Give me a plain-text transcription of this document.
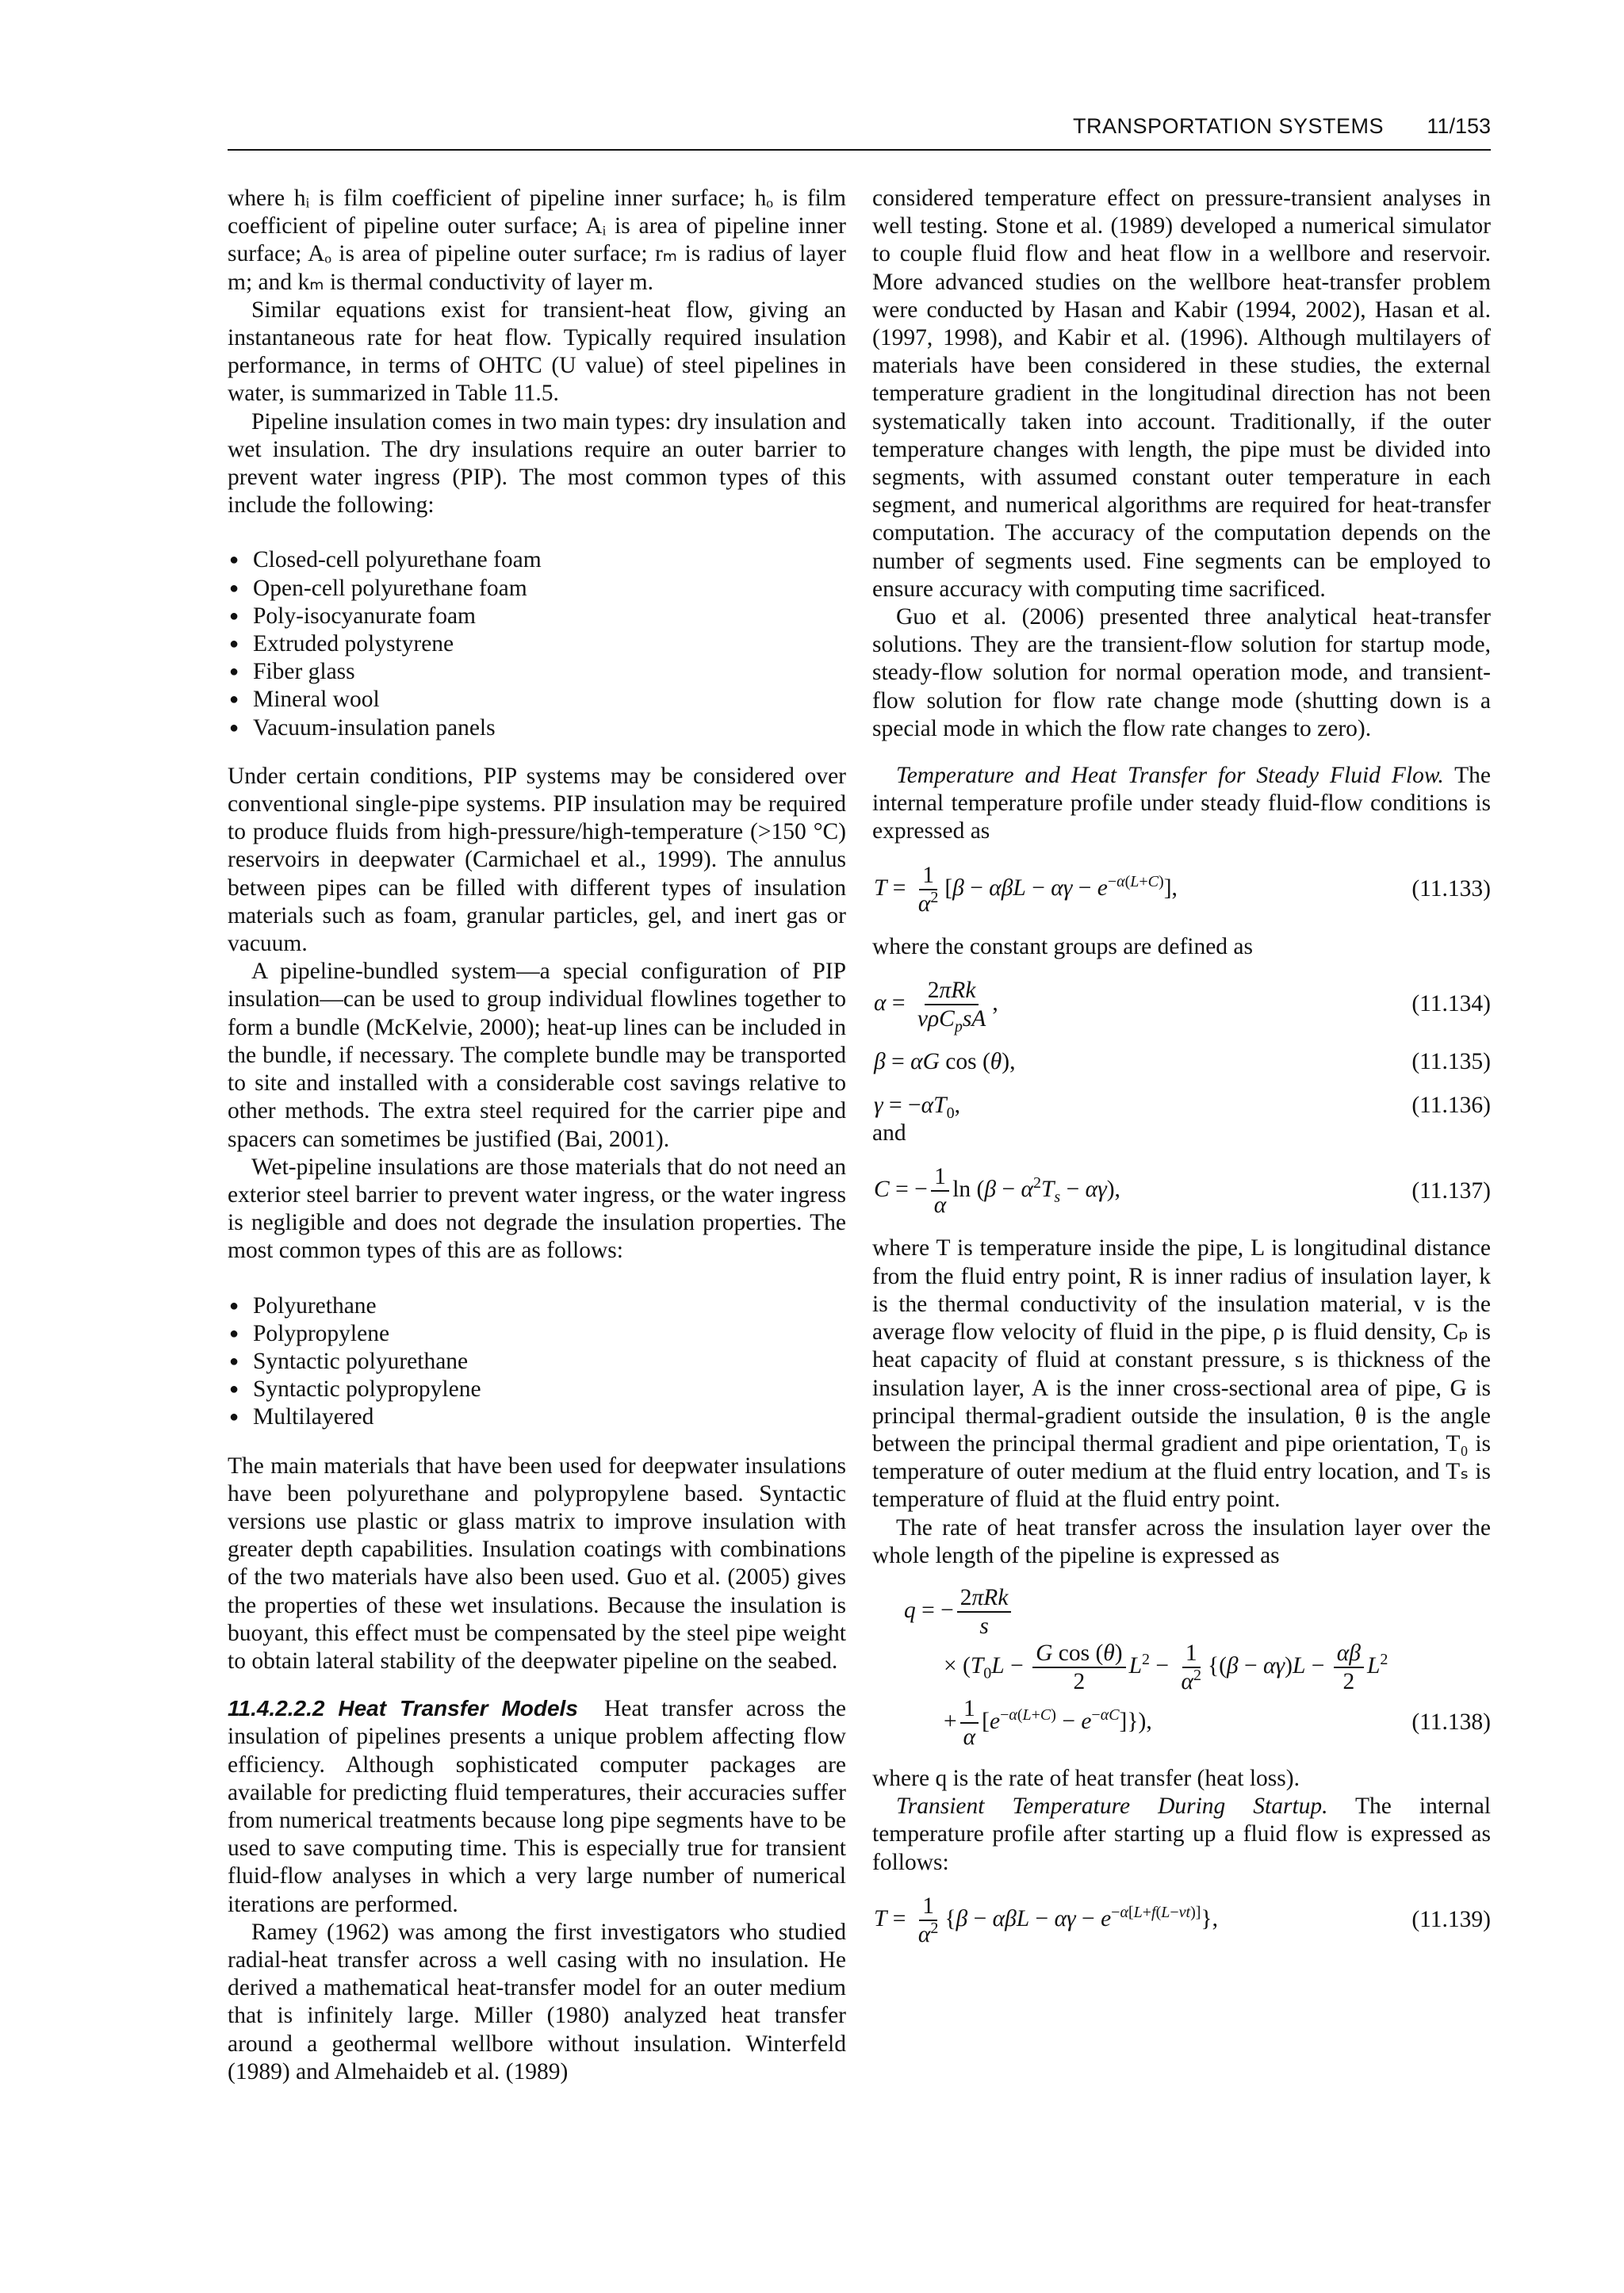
TRANSPORTATION SYSTEMS 11/153

where hᵢ is film coefficient of pipeline inner surface; hₒ is film coefficient of pipeline outer surface; Aᵢ is area of pipeline inner surface; Aₒ is area of pipeline outer surface; rₘ is radius of layer m; and kₘ is thermal conductivity of layer m.

Similar equations exist for transient-heat flow, giving an instantaneous rate for heat flow. Typically required insulation performance, in terms of OHTC (U value) of steel pipelines in water, is summarized in Table 11.5.

Pipeline insulation comes in two main types: dry insulation and wet insulation. The dry insulations require an outer barrier to prevent water ingress (PIP). The most common types of this include the following:

● Closed-cell polyurethane foam
● Open-cell polyurethane foam
● Poly-isocyanurate foam
● Extruded polystyrene
● Fiber glass
● Mineral wool
● Vacuum-insulation panels

Under certain conditions, PIP systems may be considered over conventional single-pipe systems. PIP insulation may be required to produce fluids from high-pressure/high-temperature (>150 °C) reservoirs in deepwater (Carmichael et al., 1999). The annulus between pipes can be filled with different types of insulation materials such as foam, granular particles, gel, and inert gas or vacuum.

A pipeline-bundled system—a special configuration of PIP insulation—can be used to group individual flowlines together to form a bundle (McKelvie, 2000); heat-up lines can be included in the bundle, if necessary. The complete bundle may be transported to site and installed with a considerable cost savings relative to other methods. The extra steel required for the carrier pipe and spacers can sometimes be justified (Bai, 2001).

Wet-pipeline insulations are those materials that do not need an exterior steel barrier to prevent water ingress, or the water ingress is negligible and does not degrade the insulation properties. The most common types of this are as follows:

● Polyurethane
● Polypropylene
● Syntactic polyurethane
● Syntactic polypropylene
● Multilayered

The main materials that have been used for deepwater insulations have been polyurethane and polypropylene based. Syntactic versions use plastic or glass matrix to improve insulation with greater depth capabilities. Insulation coatings with combinations of the two materials have also been used. Guo et al. (2005) gives the properties of these wet insulations. Because the insulation is buoyant, this effect must be compensated by the steel pipe weight to obtain lateral stability of the deepwater pipeline on the seabed.

11.4.2.2.2 Heat Transfer Models Heat transfer across the insulation of pipelines presents a unique problem affecting flow efficiency. Although sophisticated computer packages are available for predicting fluid temperatures, their accuracies suffer from numerical treatments because long pipe segments have to be used to save computing time. This is especially true for transient fluid-flow analyses in which a very large number of numerical iterations are performed.

Ramey (1962) was among the first investigators who studied radial-heat transfer across a well casing with no insulation. He derived a mathematical heat-transfer model for an outer medium that is infinitely large. Miller (1980) analyzed heat transfer around a geothermal wellbore without insulation. Winterfeld (1989) and Almehaideb et al. (1989)

considered temperature effect on pressure-transient analyses in well testing. Stone et al. (1989) developed a numerical simulator to couple fluid flow and heat flow in a wellbore and reservoir. More advanced studies on the wellbore heat-transfer problem were conducted by Hasan and Kabir (1994, 2002), Hasan et al. (1997, 1998), and Kabir et al. (1996). Although multilayers of materials have been considered in these studies, the external temperature gradient in the longitudinal direction has not been systematically taken into account. Traditionally, if the outer temperature changes with length, the pipe must be divided into segments, with assumed constant outer temperature in each segment, and numerical algorithms are required for heat-transfer computation. The accuracy of the computation depends on the number of segments used. Fine segments can be employed to ensure accuracy with computing time sacrificed.

Guo et al. (2006) presented three analytical heat-transfer solutions. They are the transient-flow solution for startup mode, steady-flow solution for normal operation mode, and transient-flow solution for flow rate change mode (shutting down is a special mode in which the flow rate changes to zero).

Temperature and Heat Transfer for Steady Fluid Flow. The internal temperature profile under steady fluid-flow conditions is expressed as

$T = \frac{1}{\alpha^2} [\beta - \alpha\beta L - \alpha\gamma - e^{-\alpha(L+C)}]$,	(11.133)

where the constant groups are defined as

$\alpha = \frac{\text{2πRk}}{v\rho C_psA}$ ,	(11.134)
β = αG cos (θ),	(11.135)
$\gamma = -\alpha T_0$,	(11.136)

and

C = − $\frac{1}{\alpha}$ $\ln (\beta - \alpha^2T_s - \alpha\gamma)$,	(11.137)

where T is temperature inside the pipe, L is longitudinal distance from the fluid entry point, R is inner radius of insulation layer, k is the thermal conductivity of the insulation material, v is the average flow velocity of fluid in the pipe, ρ is fluid density, Cₚ is heat capacity of fluid at constant pressure, s is thickness of the insulation layer, A is the inner cross-sectional area of pipe, G is principal thermal-gradient outside the insulation, θ is the angle between the principal thermal gradient and pipe orientation, T₀ is temperature of outer medium at the fluid entry location, and Tₛ is temperature of fluid at the fluid entry point.

The rate of heat transfer across the insulation layer over the whole length of the pipeline is expressed as

q = − $\frac{\text{2πRk}}{s}$
× ($T_0L - \frac{\text{G cos (θ)}}{2} L^2 - \frac{1}{\alpha^2} \{(\beta - \alpha\gamma)L - \frac{\alpha\beta}{2} L^2$
+ $\frac{1}{\alpha} [e^{-\alpha(L+C)} - e^{-\alpha C}]$}),	(11.138)

where q is the rate of heat transfer (heat loss).

Transient Temperature During Startup. The internal temperature profile after starting up a fluid flow is expressed as follows:

$T = \frac{1}{\alpha^2} \{\beta - \alpha\beta L - \alpha\gamma - e^{-\alpha[L+f(L-vt)]}\}$,	(11.139)
